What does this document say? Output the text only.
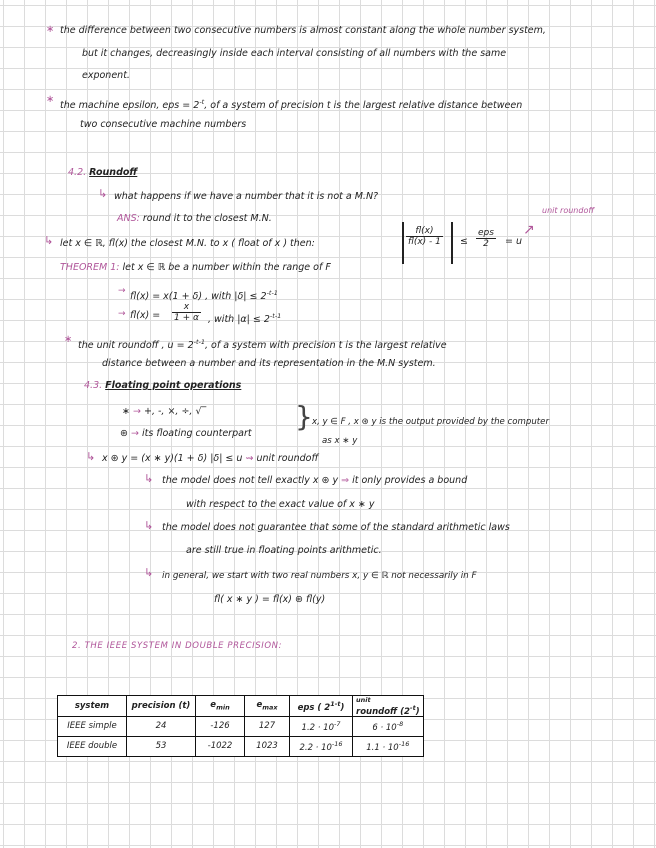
∗ the difference between two consecutive numbers is almost constant along the whole number system,
but it changes, decreasingly inside each interval consisting of all numbers with the same
exponent.
∗
the machine epsilon, eps = $2^{-t}$, of a system of precision t is the largest relative distance between
two consecutive machine numbers
4.2. Roundoff
↳ what happens if we have a number that it is not a M.N?
ANS: round it to the closest M.N.
unit roundoff
↗
↳ let x ∈ ℝ, fl(x) the closest M.N. to x ( float of x ) then:	$\frac{fl(x)}{fl(x) - 1}$ ≤
eps
2	= u
THEOREM 1: let x ∈ ℝ be a number within the range of F
→
fl(x) = x(1 + δ) , with $|\delta| \le 2^{-t-1}$
→ $fl(x) = \frac{x}{1 + \alpha}$ , with $|\alpha| \le 2^{-t-1}$
∗
the unit roundoff , $u = 2^{-t-1}$, of a system with precision t is the largest relative
distance between a number and its representation in the M.N system.
4.3. Floating point operations
∗ → +, -, ×, ÷, √‾
⊛ → its floating counterpart
} x, y ∈ F , x ⊛ y is the output provided by the computer
as x ∗ y
↳ x ⊛ y = (x ∗ y)(1 + δ) |δ| ≤ u ⇝ unit roundoff
↳ the model does not tell exactly x ⊛ y ⇒ it only provides a bound
with respect to the exact value of x ∗ y
↳ the model does not guarantee that some of the standard arithmetic laws
are still true in floating points arithmetic.
↳ in general, we start with two real numbers x, y ∈ ℝ not necessarily in F
fl( x ∗ y ) = fl(x) ⊛ fl(y)
2. THE IEEE SYSTEM IN DOUBLE PRECISION:
system	precision (t)	$e_{min}$	$e_{max}$	eps ( 2$^{1-t}$)	unit
roundoff $(2^{-t})$
IEEE simple	24	-126	127	$1.2 \cdot 10^{-7}$	$6 \cdot 10^{-8}$
IEEE double	53	-1022	1023	$2.2 \cdot 10^{-16}$	$1.1 \cdot 10^{-16}$
